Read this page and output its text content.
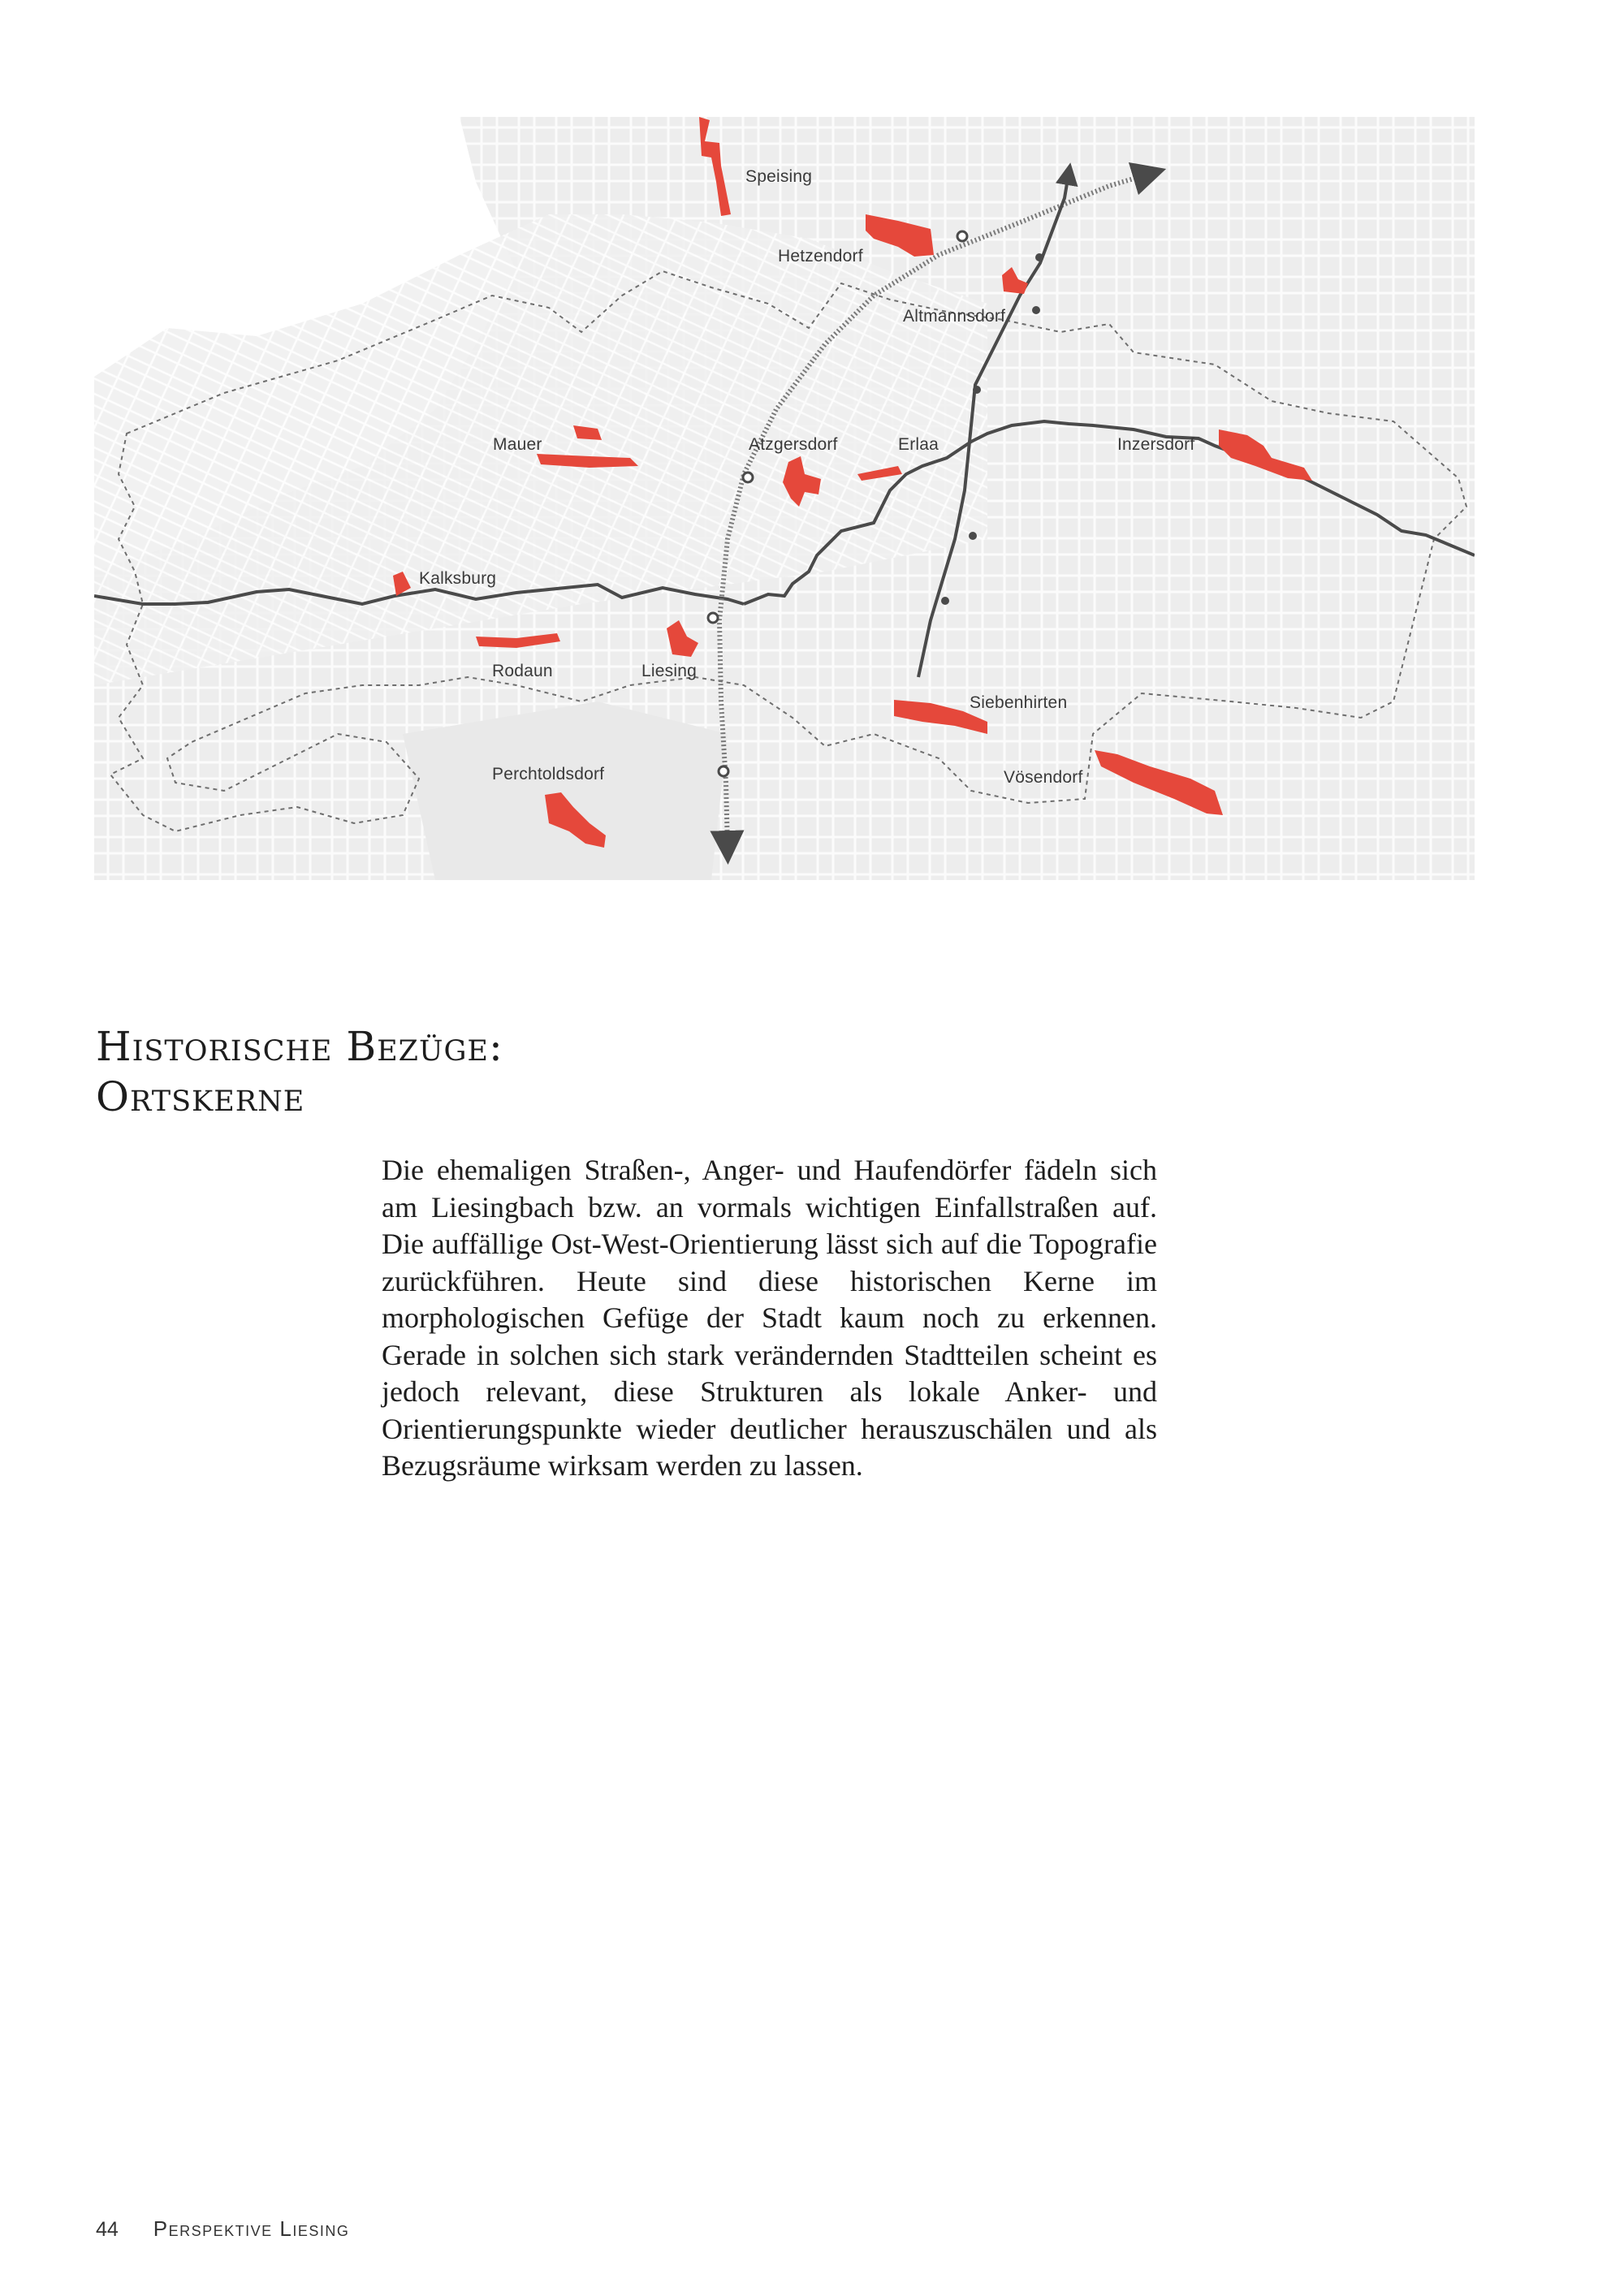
Speising
Hetzendorf
Altmannsdorf
Mauer	Atzgersdorf	Erlaa	Inzersdorf
Kalksburg
Rodaun	Liesing
Siebenhirten
Vösendorf
Perchtoldsdorf
Historische Bezüge:
Ortskerne

Die ehemaligen Straßen-, Anger- und Haufendörfer fädeln sich am Liesingbach bzw. an vormals wichtigen Einfallstraßen auf. Die auffällige Ost-West-Orientierung lässt sich auf die Topografie zurückführen. Heute sind diese historischen Kerne im morphologischen Gefüge der Stadt kaum noch zu erkennen. Gerade in solchen sich stark verändernden Stadtteilen scheint es jedoch relevant, diese Strukturen als lokale Anker- und Orientierungspunkte wieder deutlicher herauszuschälen und als Bezugsräume wirksam werden zu lassen.

44 Perspektive Liesing
